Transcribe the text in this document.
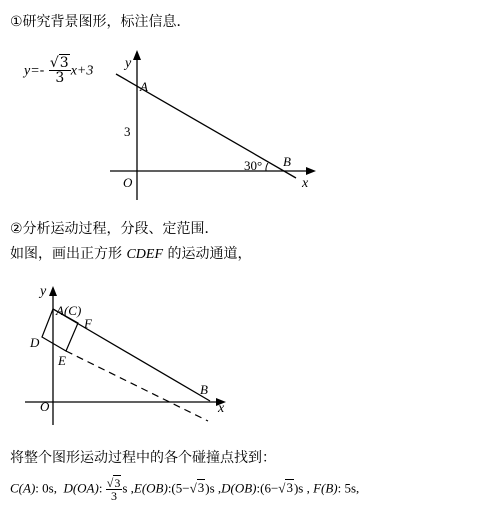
①研究背景图形，标注信息．
$y=- \frac{√3}{3} x+3$ y
A
3
O
30° B
x
②分析运动过程，分段、定范围．
如图，画出正方形 CDEF 的运动通道，
y
A(C)
F
D
E
B
O	x
将整个图形运动过程中的各个碰撞点找到：
C(A): 0s, D(OA): $\frac{√3}{3}$ s ,E(OB):(5−√3)s ,D(OB):(6−√3)s , F(B): 5s,
